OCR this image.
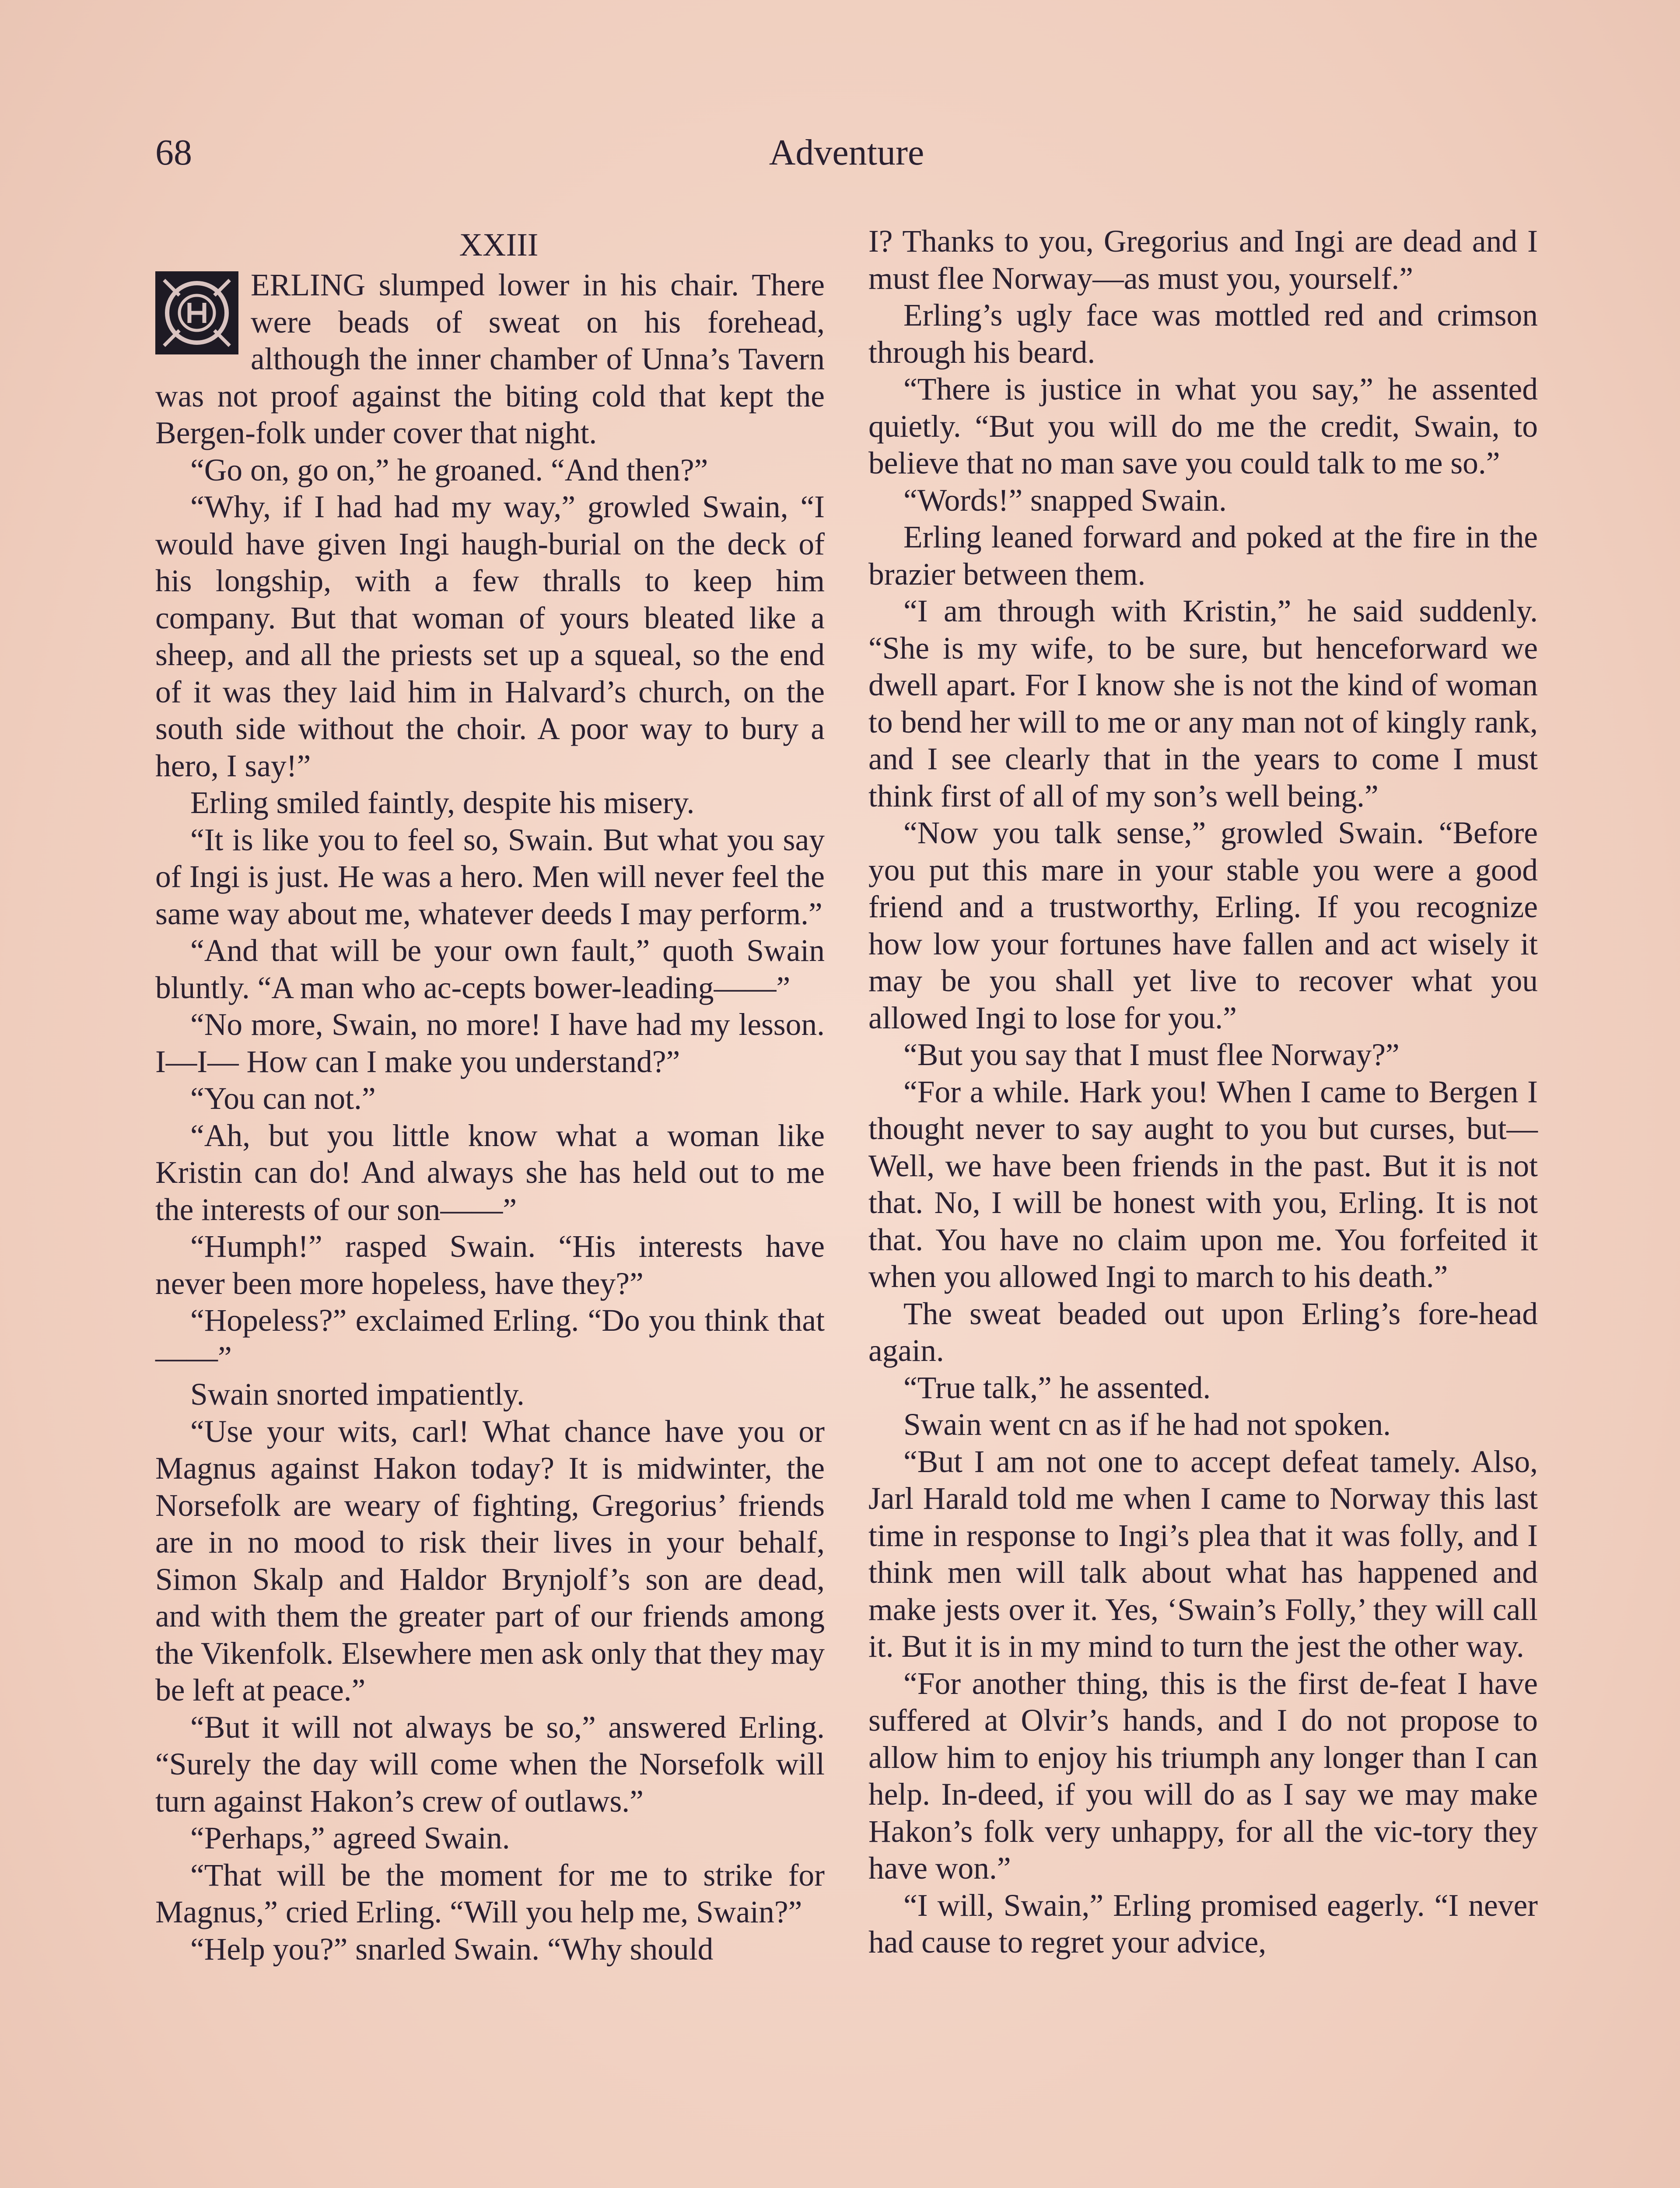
68	Adventure
XXIII

ERLING slumped lower in his chair. There were beads of sweat on his forehead, although the inner chamber of Unna’s Tavern was not proof against the biting cold that kept the Bergen-folk under cover that night.

“Go on, go on,” he groaned. “And then?”

“Why, if I had had my way,” growled Swain, “I would have given Ingi haugh-burial on the deck of his longship, with a few thralls to keep him company. But that woman of yours bleated like a sheep, and all the priests set up a squeal, so the end of it was they laid him in Halvard’s church, on the south side without the choir. A poor way to bury a hero, I say!”

Erling smiled faintly, despite his misery.

“It is like you to feel so, Swain. But what you say of Ingi is just. He was a hero. Men will never feel the same way about me, whatever deeds I may perform.”

“And that will be your own fault,” quoth Swain bluntly. “A man who ac-cepts bower-leading——”

“No more, Swain, no more! I have had my lesson. I—I— How can I make you understand?”

“You can not.”

“Ah, but you little know what a woman like Kristin can do! And always she has held out to me the interests of our son——”

“Humph!” rasped Swain. “His interests have never been more hopeless, have they?”

“Hopeless?” exclaimed Erling. “Do you think that——”

Swain snorted impatiently.

“Use your wits, carl! What chance have you or Magnus against Hakon today? It is midwinter, the Norsefolk are weary of fighting, Gregorius’ friends are in no mood to risk their lives in your behalf, Simon Skalp and Haldor Brynjolf’s son are dead, and with them the greater part of our friends among the Vikenfolk. Elsewhere men ask only that they may be left at peace.”

“But it will not always be so,” answered Erling. “Surely the day will come when the Norsefolk will turn against Hakon’s crew of outlaws.”

“Perhaps,” agreed Swain.

“That will be the moment for me to strike for Magnus,” cried Erling. “Will you help me, Swain?”

“Help you?” snarled Swain. “Why should

I? Thanks to you, Gregorius and Ingi are dead and I must flee Norway—as must you, yourself.”

Erling’s ugly face was mottled red and crimson through his beard.

“There is justice in what you say,” he assented quietly. “But you will do me the credit, Swain, to believe that no man save you could talk to me so.”

“Words!” snapped Swain.

Erling leaned forward and poked at the fire in the brazier between them.

“I am through with Kristin,” he said suddenly. “She is my wife, to be sure, but henceforward we dwell apart. For I know she is not the kind of woman to bend her will to me or any man not of kingly rank, and I see clearly that in the years to come I must think first of all of my son’s well being.”

“Now you talk sense,” growled Swain. “Before you put this mare in your stable you were a good friend and a trustworthy, Erling. If you recognize how low your fortunes have fallen and act wisely it may be you shall yet live to recover what you allowed Ingi to lose for you.”

“But you say that I must flee Norway?”

“For a while. Hark you! When I came to Bergen I thought never to say aught to you but curses, but— Well, we have been friends in the past. But it is not that. No, I will be honest with you, Erling. It is not that. You have no claim upon me. You forfeited it when you allowed Ingi to march to his death.”

The sweat beaded out upon Erling’s fore-head again.

“True talk,” he assented.

Swain went cn as if he had not spoken.

“But I am not one to accept defeat tamely. Also, Jarl Harald told me when I came to Norway this last time in response to Ingi’s plea that it was folly, and I think men will talk about what has happened and make jests over it. Yes, ‘Swain’s Folly,’ they will call it. But it is in my mind to turn the jest the other way.

“For another thing, this is the first de-feat I have suffered at Olvir’s hands, and I do not propose to allow him to enjoy his triumph any longer than I can help. In-deed, if you will do as I say we may make Hakon’s folk very unhappy, for all the vic-tory they have won.”

“I will, Swain,” Erling promised eagerly. “I never had cause to regret your advice,
